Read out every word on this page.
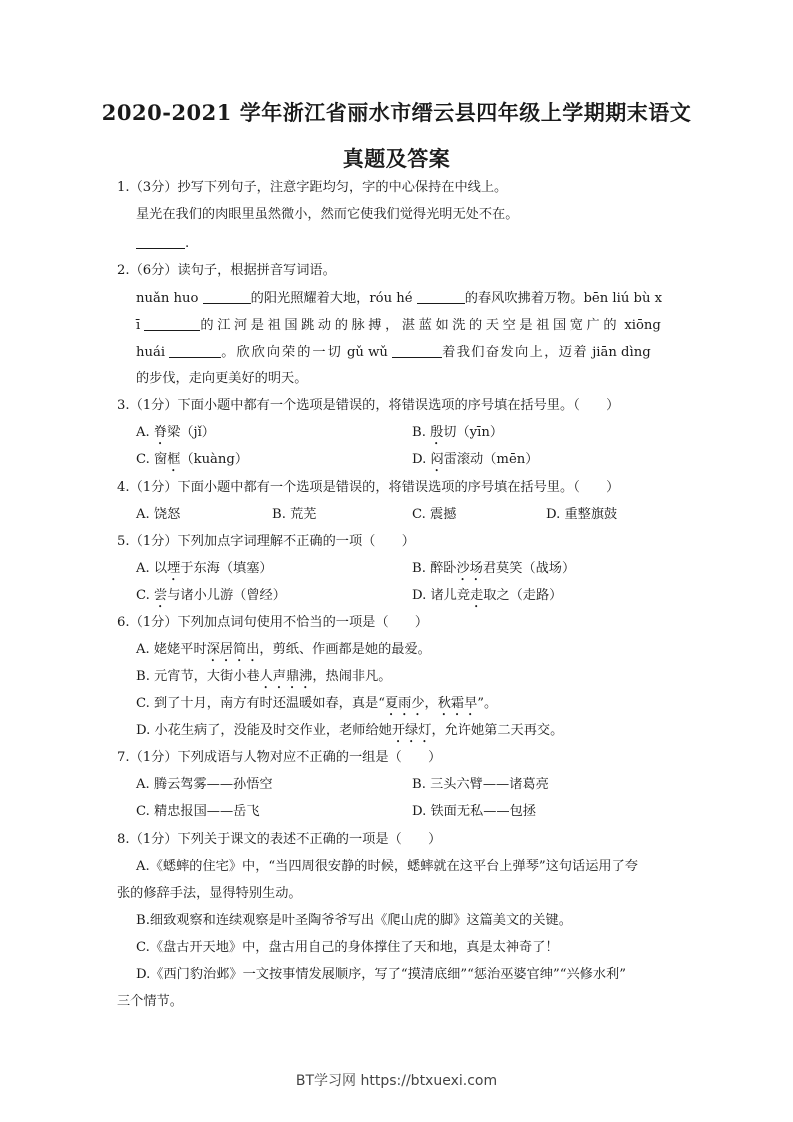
2020-2021 学年浙江省丽水市缙云县四年级上学期期末语文
真题及答案
1.（3分）抄写下列句子，注意字距均匀，字的中心保持在中线上。
星光在我们的肉眼里虽然微小，然而它使我们觉得光明无处不在。
.
2.（6分）读句子，根据拼音写词语。
nuǎn huo	的阳光照耀着大地，róu hé	的春风吹拂着万物。bēn liú bù x
ī	的江河是祖国跳动的脉搏，湛蓝如洗的天空是祖国宽广的 xiōng
huái	。欣欣向荣的一切 gǔ wǔ	着我们奋发向上，迈着 jiān dìng
的步伐，走向更美好的明天。
3.（1分）下面小题中都有一个选项是错误的，将错误选项的序号填在括号里。（　　）
A. 脊梁（jǐ）	B. 殷切（yīn）
C. 窗框（kuàng）	D. 闷雷滚动（mēn）
4.（1分）下面小题中都有一个选项是错误的，将错误选项的序号填在括号里。（　　）
A. 饶怒	B. 荒芜	C. 震撼	D. 重整旗鼓
5.（1分）下列加点字词理解不正确的一项（　　）
A. 以堙于东海（填塞）	B. 醉卧沙场君莫笑（战场）
C. 尝与诸小儿游（曾经）	D. 诸儿竞走取之（走路）
6.（1分）下列加点词句使用不恰当的一项是（　　）
A. 姥姥平时深居简出，剪纸、作画都是她的最爱。
B. 元宵节，大街小巷人声鼎沸，热闹非凡。
C. 到了十月，南方有时还温暖如春，真是“夏雨少，秋霜早”。
D. 小花生病了，没能及时交作业，老师给她开绿灯，允许她第二天再交。
7.（1分）下列成语与人物对应不正确的一组是（　　）
A. 腾云驾雾——孙悟空	B. 三头六臂——诸葛亮
C. 精忠报国——岳飞	D. 铁面无私——包拯
8.（1分）下列关于课文的表述不正确的一项是（　　）
A.《蟋蟀的住宅》中，“当四周很安静的时候，蟋蟀就在这平台上弹琴”这句话运用了夸
张的修辞手法，显得特别生动。
B.细致观察和连续观察是叶圣陶爷爷写出《爬山虎的脚》这篇美文的关键。
C.《盘古开天地》中，盘古用自己的身体撑住了天和地，真是太神奇了！
D.《西门豹治邺》一文按事情发展顺序，写了“摸清底细”“惩治巫婆官绅”“兴修水利”
三个情节。
BT学习网 https://btxuexi.com
